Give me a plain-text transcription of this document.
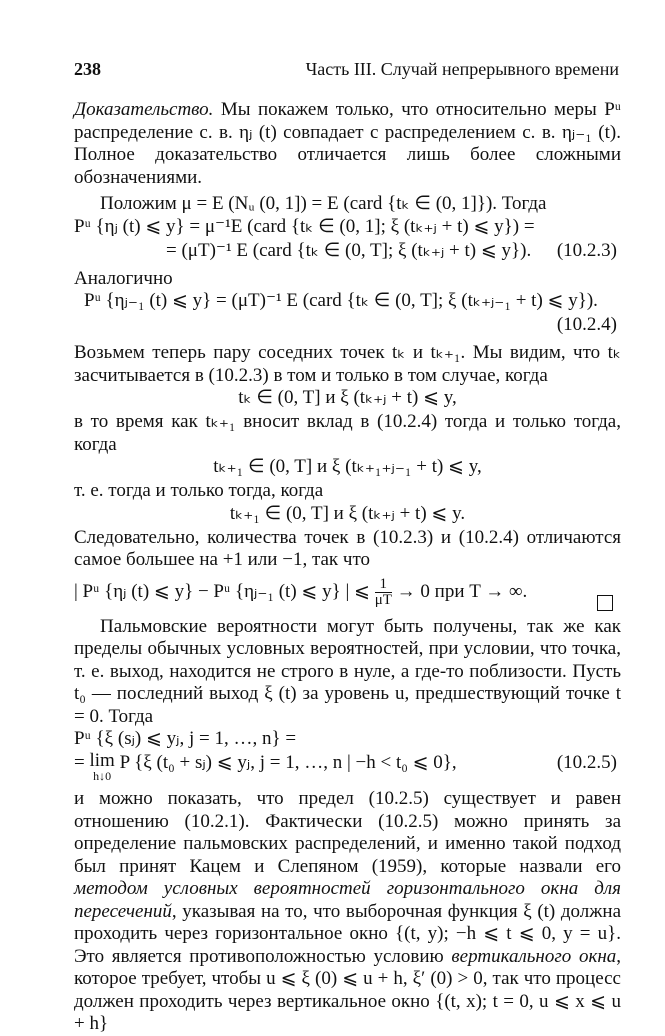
238	Часть III. Случай непрерывного времени

Доказательство. Мы покажем только, что относительно меры Pᵘ распределение с. в. ηⱼ (t) совпадает с распределением с. в. ηⱼ₋₁ (t). Полное доказательство отличается лишь более сложными обозначениями.

Положим μ = E (Nᵤ (0, 1]) = E (card {tₖ ∈ (0, 1]}). Тогда

Pᵘ {ηⱼ (t) ⩽ y} = μ⁻¹E (card {tₖ ∈ (0, 1]; ξ (tₖ₊ⱼ + t) ⩽ y}) =
= (μT)⁻¹ E (card {tₖ ∈ (0, T]; ξ (tₖ₊ⱼ + t) ⩽ y}). (10.2.3)

Аналогично

Pᵘ {ηⱼ₋₁ (t) ⩽ y} = (μT)⁻¹ E (card {tₖ ∈ (0, T]; ξ (tₖ₊ⱼ₋₁ + t) ⩽ y}).
(10.2.4)

Возьмем теперь пару соседних точек tₖ и tₖ₊₁. Мы видим, что tₖ засчитывается в (10.2.3) в том и только в том случае, когда

tₖ ∈ (0, T] и ξ (tₖ₊ⱼ + t) ⩽ y,

в то время как tₖ₊₁ вносит вклад в (10.2.4) тогда и только тогда, когда

tₖ₊₁ ∈ (0, T] и ξ (tₖ₊₁₊ⱼ₋₁ + t) ⩽ y,

т. е. тогда и только тогда, когда

tₖ₊₁ ∈ (0, T] и ξ (tₖ₊ⱼ + t) ⩽ y.

Следовательно, количества точек в (10.2.3) и (10.2.4) отличаются самое большее на +1 или −1, так что

| Pᵘ {ηⱼ (t) ⩽ y} − Pᵘ {ηⱼ₋₁ (t) ⩽ y} | ⩽ $\frac{1}{\mu T} \to 0$ при T → ∞.

Пальмовские вероятности могут быть получены, так же как пределы обычных условных вероятностей, при условии, что точка, т. е. выход, находится не строго в нуле, а где-то поблизости. Пусть t₀ — последний выход ξ (t) за уровень u, предшествующий точке t = 0. Тогда

Pᵘ {ξ (sⱼ) ⩽ yⱼ, j = 1, …, n} =
= lim
h↓0
P {ξ (t₀ + sⱼ) ⩽ yⱼ, j = 1, …, n | −h < t₀ ⩽ 0},	(10.2.5)

и можно показать, что предел (10.2.5) существует и равен отношению (10.2.1). Фактически (10.2.5) можно принять за определение пальмовских распределений, и именно такой подход был принят Кацем и Слепяном (1959), которые назвали его методом условных вероятностей горизонтального окна для пересечений, указывая на то, что выборочная функция ξ (t) должна проходить через горизонтальное окно {(t, y); −h ⩽ t ⩽ 0, y = u}. Это является противоположностью условию вертикального окна, которое требует, чтобы u ⩽ ξ (0) ⩽ u + h, ξ′ (0) > 0, так что процесс должен проходить через вертикальное окно {(t, x); t = 0, u ⩽ x ⩽ u + h}
